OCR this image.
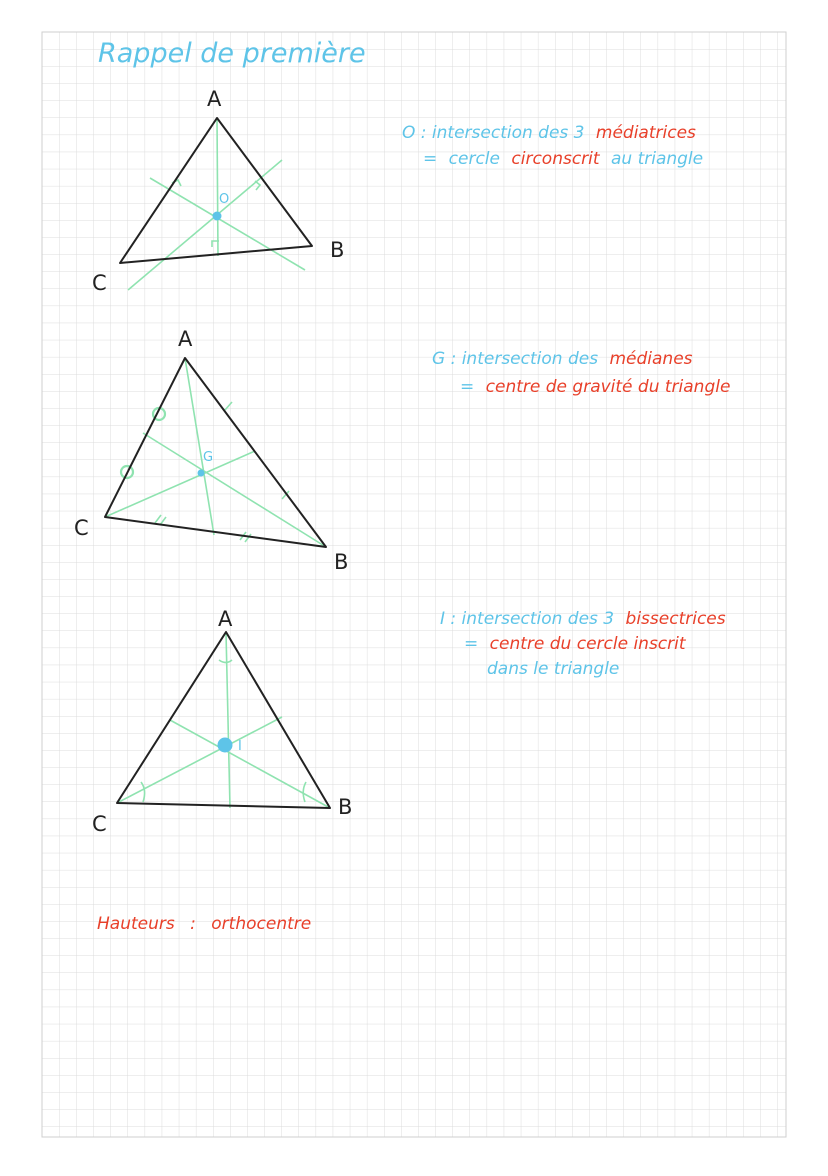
Rappel de première
O
A
B
C
O : intersection des 3 médiatrices
= cercle circonscrit au triangle
G
A
B
C
G : intersection des médianes
= centre de gravité du triangle
I
A
B
C
I : intersection des 3 bissectrices
= centre du cercle inscrit
dans le triangle
Hauteurs : orthocentre
